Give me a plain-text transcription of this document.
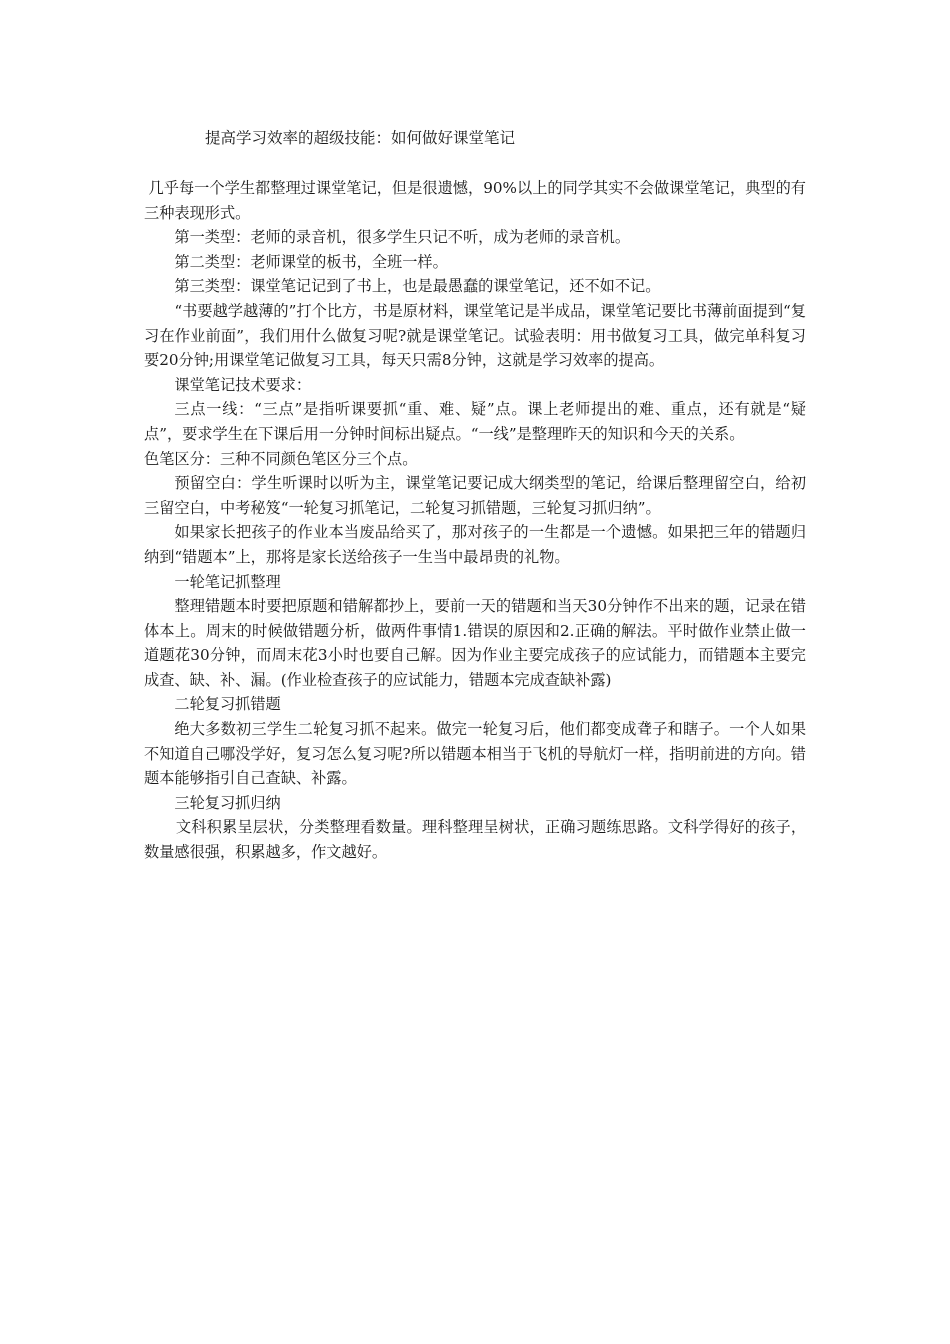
提高学习效率的超级技能：如何做好课堂笔记

几乎每一个学生都整理过课堂笔记，但是很遗憾，90%以上的同学其实不会做课堂笔记，典型的有三种表现形式。

第一类型：老师的录音机，很多学生只记不听，成为老师的录音机。

第二类型：老师课堂的板书，全班一样。

第三类型：课堂笔记记到了书上，也是最愚蠢的课堂笔记，还不如不记。

“书要越学越薄的”打个比方，书是原材料，课堂笔记是半成品，课堂笔记要比书薄前面提到“复习在作业前面”，我们用什么做复习呢?就是课堂笔记。试验表明：用书做复习工具，做完单科复习要20分钟;用课堂笔记做复习工具，每天只需8分钟，这就是学习效率的提高。

课堂笔记技术要求：

三点一线：“三点”是指听课要抓“重、难、疑”点。课上老师提出的难、重点，还有就是“疑点”，要求学生在下课后用一分钟时间标出疑点。“一线”是整理昨天的知识和今天的关系。

色笔区分：三种不同颜色笔区分三个点。

预留空白：学生听课时以听为主，课堂笔记要记成大纲类型的笔记，给课后整理留空白，给初三留空白，中考秘笈“一轮复习抓笔记，二轮复习抓错题，三轮复习抓归纳”。

如果家长把孩子的作业本当废品给买了，那对孩子的一生都是一个遗憾。如果把三年的错题归纳到“错题本”上，那将是家长送给孩子一生当中最昂贵的礼物。

一轮笔记抓整理

整理错题本时要把原题和错解都抄上，要前一天的错题和当天30分钟作不出来的题，记录在错体本上。周末的时候做错题分析，做两件事情1.错误的原因和2.正确的解法。平时做作业禁止做一道题花30分钟，而周末花3小时也要自己解。因为作业主要完成孩子的应试能力，而错题本主要完成查、缺、补、漏。(作业检查孩子的应试能力，错题本完成查缺补露)

二轮复习抓错题

绝大多数初三学生二轮复习抓不起来。做完一轮复习后，他们都变成聋子和瞎子。一个人如果不知道自己哪没学好，复习怎么复习呢?所以错题本相当于飞机的导航灯一样，指明前进的方向。错题本能够指引自己查缺、补露。

三轮复习抓归纳

文科积累呈层状，分类整理看数量。理科整理呈树状，正确习题练思路。文科学得好的孩子，数量感很强，积累越多，作文越好。
